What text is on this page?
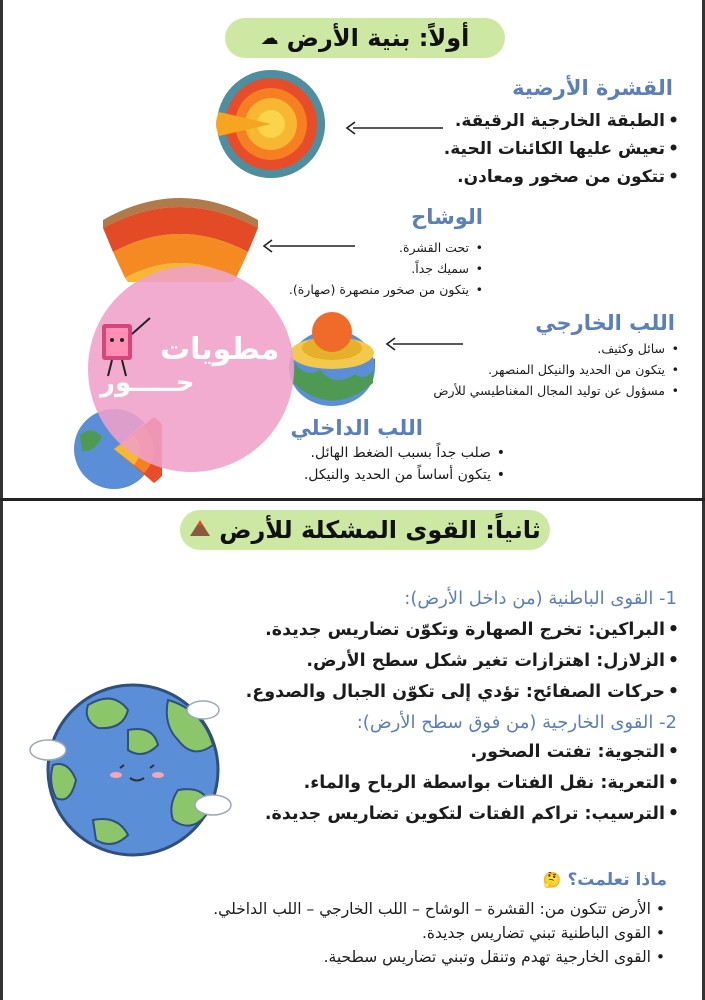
أولاً: بنية الأرض
☁
القشرة الأرضية
• الطبقة الخارجية الرقيقة.
• تعيش عليها الكائنات الحية.
• تتكون من صخور ومعادن.
الوشاح
• تحت القشرة.
• سميك جداً.
• يتكون من صخور منصهرة (صهارة).
اللب الخارجي
• سائل وكثيف.
• يتكون من الحديد والنيكل المنصهر.
• مسؤول عن توليد المجال المغناطيسي للأرض
اللب الداخلي
• صلب جداً بسبب الضغط الهائل.
• يتكون أساساً من الحديد والنيكل.
مطويات
حـــــور
ثانياً: القوى المشكلة للأرض
1- القوى الباطنية (من داخل الأرض):
• البراكين: تخرج الصهارة وتكوّن تضاريس جديدة.
• الزلازل: اهتزازات تغير شكل سطح الأرض.
• حركات الصفائح: تؤدي إلى تكوّن الجبال والصدوع.
2- القوى الخارجية (من فوق سطح الأرض):
• التجوية: تفتت الصخور.
• التعرية: نقل الفتات بواسطة الرياح والماء.
• الترسيب: تراكم الفتات لتكوين تضاريس جديدة.
ماذا تعلمت؟ 🤔
• الأرض تتكون من: القشرة – الوشاح – اللب الخارجي – اللب الداخلي.
• القوى الباطنية تبني تضاريس جديدة.
• القوى الخارجية تهدم وتنقل وتبني تضاريس سطحية.
